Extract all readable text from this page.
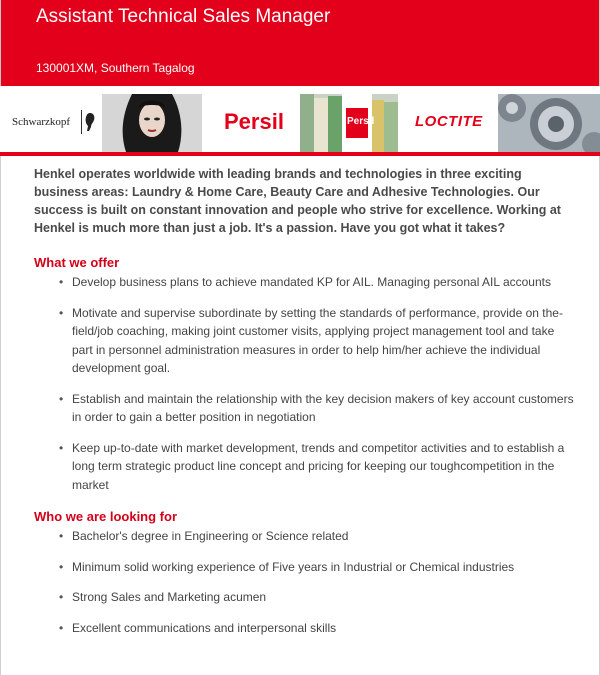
Assistant Technical Sales Manager
130001XM, Southern Tagalog
Schwarzkopf	Persil	Persil	LOCTITE

Henkel operates worldwide with leading brands and technologies in three exciting business areas: Laundry & Home Care, Beauty Care and Adhesive Technologies. Our success is built on constant innovation and people who strive for excellence. Working at Henkel is much more than just a job. It's a passion. Have you got what it takes?

What we offer
• Develop business plans to achieve mandated KP for AIL. Managing personal AIL accounts
• Motivate and supervise subordinate by setting the standards of performance, provide on the-field/job coaching, making joint customer visits, applying project management tool and take part in personnel administration measures in order to help him/her achieve the individual development goal.
• Establish and maintain the relationship with the key decision makers of key account customers in order to gain a better position in negotiation
• Keep up-to-date with market development, trends and competitor activities and to establish a long term strategic product line concept and pricing for keeping our toughcompetition in the market
Who we are looking for
• Bachelor's degree in Engineering or Science related
• Minimum solid working experience of Five years in Industrial or Chemical industries
• Strong Sales and Marketing acumen
• Excellent communications and interpersonal skills
